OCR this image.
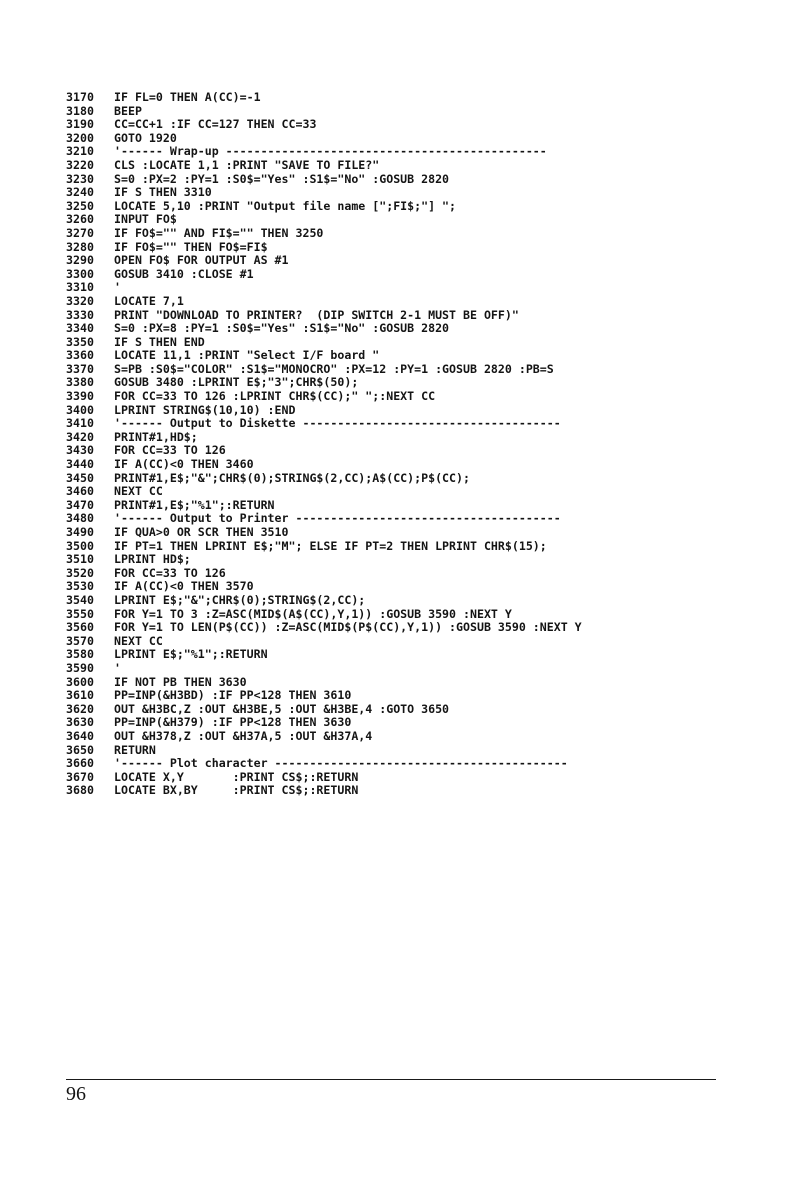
3170 IF FL=0 THEN A(CC)=-1
3180 BEEP
3190 CC=CC+1 :IF CC=127 THEN CC=33
3200 GOTO 1920
3210 '------ Wrap-up ----------------------------------------------
3220 CLS :LOCATE 1,1 :PRINT "SAVE TO FILE?"
3230 S=0 :PX=2 :PY=1 :S0$="Yes" :S1$="No" :GOSUB 2820
3240 IF S THEN 3310
3250 LOCATE 5,10 :PRINT "Output file name [";FI$;"] ";
3260 INPUT FO$
3270 IF FO$="" AND FI$="" THEN 3250
3280 IF FO$="" THEN FO$=FI$
3290 OPEN FO$ FOR OUTPUT AS #1
3300 GOSUB 3410 :CLOSE #1
3310 '
3320 LOCATE 7,1
3330 PRINT "DOWNLOAD TO PRINTER?  (DIP SWITCH 2-1 MUST BE OFF)"
3340 S=0 :PX=8 :PY=1 :S0$="Yes" :S1$="No" :GOSUB 2820
3350 IF S THEN END
3360 LOCATE 11,1 :PRINT "Select I/F board "
3370 S=PB :S0$="COLOR" :S1$="MONOCRO" :PX=12 :PY=1 :GOSUB 2820 :PB=S
3380 GOSUB 3480 :LPRINT E$;"3";CHR$(50);
3390 FOR CC=33 TO 126 :LPRINT CHR$(CC);" ";:NEXT CC
3400 LPRINT STRING$(10,10) :END
3410 '------ Output to Diskette -------------------------------------
3420 PRINT#1,HD$;
3430 FOR CC=33 TO 126
3440 IF A(CC)<0 THEN 3460
3450 PRINT#1,E$;"&";CHR$(0);STRING$(2,CC);A$(CC);P$(CC);
3460 NEXT CC
3470 PRINT#1,E$;"%1";:RETURN
3480 '------ Output to Printer --------------------------------------
3490 IF QUA>0 OR SCR THEN 3510
3500 IF PT=1 THEN LPRINT E$;"M"; ELSE IF PT=2 THEN LPRINT CHR$(15);
3510 LPRINT HD$;
3520 FOR CC=33 TO 126
3530 IF A(CC)<0 THEN 3570
3540 LPRINT E$;"&";CHR$(0);STRING$(2,CC);
3550 FOR Y=1 TO 3 :Z=ASC(MID$(A$(CC),Y,1)) :GOSUB 3590 :NEXT Y
3560 FOR Y=1 TO LEN(P$(CC)) :Z=ASC(MID$(P$(CC),Y,1)) :GOSUB 3590 :NEXT Y
3570 NEXT CC
3580 LPRINT E$;"%1";:RETURN
3590 '
3600 IF NOT PB THEN 3630
3610 PP=INP(&H3BD) :IF PP<128 THEN 3610
3620 OUT &H3BC,Z :OUT &H3BE,5 :OUT &H3BE,4 :GOTO 3650
3630 PP=INP(&H379) :IF PP<128 THEN 3630
3640 OUT &H378,Z :OUT &H37A,5 :OUT &H37A,4
3650 RETURN
3660 '------ Plot character ------------------------------------------
3670 LOCATE X,Y       :PRINT CS$;:RETURN
3680 LOCATE BX,BY     :PRINT CS$;:RETURN
96
